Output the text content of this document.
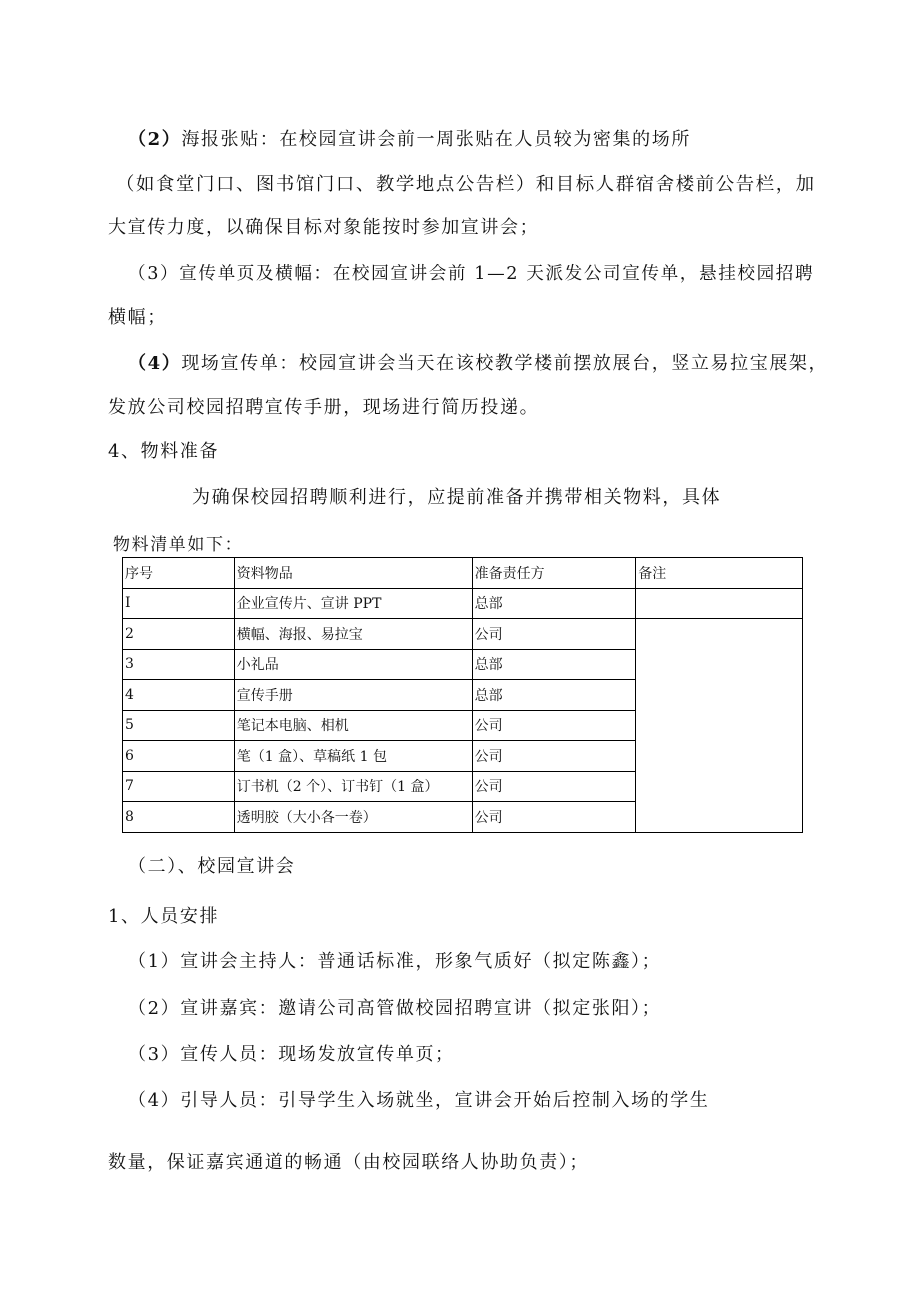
（2）海报张贴：在校园宣讲会前一周张贴在人员较为密集的场所
（如食堂门口、图书馆门口、教学地点公告栏）和目标人群宿舍楼前公告栏，加
大宣传力度，以确保目标对象能按时参加宣讲会；
（3）宣传单页及横幅：在校园宣讲会前 1—2 天派发公司宣传单，悬挂校园招聘
横幅；
（4）现场宣传单：校园宣讲会当天在该校教学楼前摆放展台，竖立易拉宝展架，
发放公司校园招聘宣传手册，现场进行简历投递。
4、物料准备
为确保校园招聘顺利进行，应提前准备并携带相关物料，具体
物料清单如下：
序号	资料物品	准备责任方	备注
I	企业宣传片、宣讲 PPT	总部	
2	横幅、海报、易拉宝	公司	
3	小礼品	总部	
4	宣传手册	总部	
5	笔记本电脑、相机	公司	
6	笔（1 盒）、草稿纸 1 包	公司	
7	订书机（2 个）、订书钉（1 盒）	公司	
8	透明胶（大小各一卷）	公司	
（二）、校园宣讲会
1、人员安排
（1）宣讲会主持人：普通话标准，形象气质好（拟定陈鑫）；
（2）宣讲嘉宾：邀请公司高管做校园招聘宣讲（拟定张阳）；
（3）宣传人员：现场发放宣传单页；
（4）引导人员：引导学生入场就坐，宣讲会开始后控制入场的学生
数量，保证嘉宾通道的畅通（由校园联络人协助负责）；
